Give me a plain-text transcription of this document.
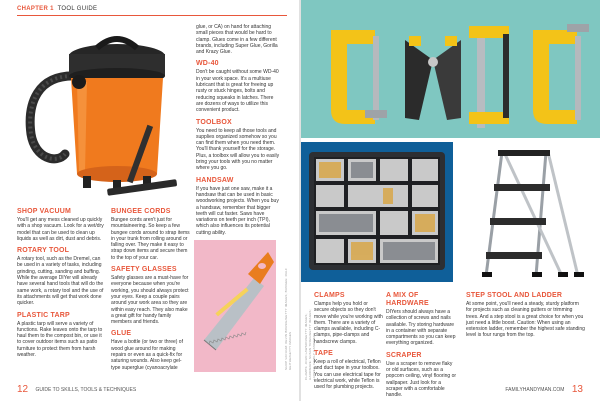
CHAPTER 1 TOOL GUIDE
SHOP VACUUM

You'll get any mess cleaned up quickly with a shop vacuum. Look for a wet/dry model that can be used to clean up liquids as well as dirt, dust and debris.

ROTARY TOOL

A rotary tool, such as the Dremel, can be used in a variety of tasks, including grinding, cutting, sanding and buffing. While the average DIYer will already have several hand tools that will do the same work, a rotary tool and the use of its attachments will get that work done quicker.

PLASTIC TARP

A plastic tarp will serve a variety of functions. Rake leaves onto the tarp to haul them to the compost bin, or use it to cover outdoor items such as patio furniture to protect them from harsh weather.

BUNGEE CORDS

Bungee cords aren't just for mountaineering. So keep a few bungee cords around to strap items in your trunk from rolling around or falling over. They make it easy to strap down items and secure them to the top of your car.

SAFETY GLASSES

Safety glasses are a must-have for everyone because when you're working, you should always protect your eyes. Keep a couple pairs around your work area so they are within easy reach. They also make a great gift for handy family members and friends.

GLUE

Have a bottle (or two or three) of wood glue around for making repairs or even as a quick-fix for saturing wounds. Also keep gel-type superglue (cyanoacrylate

glue, or CA) on hand for attaching small pieces that would be hard to clamp. Glues come in a few different brands, including Super Glue, Gorilla and Krazy Glue.

WD-40

Don't be caught without some WD-40 in your work space. It's a multiuse lubricant that is great for freeing up rusty or stuck hinges, bolts and reducing squeaks in latches. There are dozens of ways to utilize this convenient product.

TOOLBOX

You need to keep all those tools and supplies organized somehow so you can find them when you need them. You'll thank yourself for the storage. Plus, a toolbox will allow you to easily bring your tools with you no matter where you go.

HANDSAW

If you have just one saw, make it a handsaw that can be used in basic woodworking projects. When you buy a handsaw, remember that bigger teeth will cut faster. Saws have variations on teeth per inch (TPI), which also influences its potential cutting ability.

SHOP VACUUM: KEVIN BRUSIE/GETTY IMAGES; BUNGEE: RALF GEITHE/GETTY IMAGES	CLAMPS: JOHN LAWSON/GETTY IMAGES; HARDWARE: SUSAN TRIGG/GETTY IMAGES; LADDER: FAMILY HANDYMAN
CLAMPS

Clamps help you hold or secure objects so they don't move while you're working with them. There are a variety of clamps available, including C-clamps, pipe-clamps and handscrew clamps.

TAPE

Keep a roll of electrical, Teflon and duct tape in your toolbox. You can use electrical tape for electrical work, while Teflon is used for plumbing projects.

A MIX OF HARDWARE

DIYers should always have a collection of screws and nails available. Try storing hardware in a container with separate compartments so you can keep everything organized.

SCRAPER

Use a scraper to remove flaky or old surfaces, such as a popcorn ceiling, vinyl flooring or wallpaper. Just look for a scraper with a comfortable handle.

STEP STOOL AND LADDER

At some point, you'll need a steady, sturdy platform for projects such as cleaning gutters or trimming trees. And a step stool is a great choice for when you just need a little boost. Caution: When using an extension ladder, remember the highest safe standing level is four rungs from the top.

12 GUIDE TO SKILLS, TOOLS & TECHNIQUES	FAMILYHANDYMAN.COM 13
